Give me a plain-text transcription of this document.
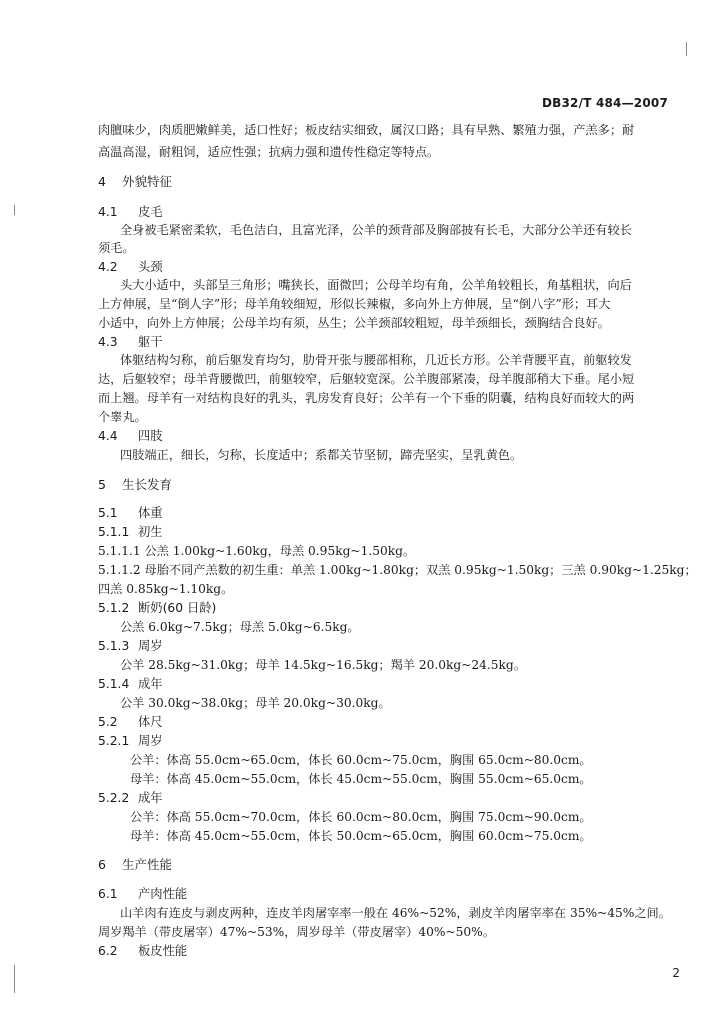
DB32/T 484—2007
肉膻味少，肉质肥嫩鲜美，适口性好；板皮结实细致，属汉口路；具有早熟、繁殖力强，产羔多；耐
高温高湿，耐粗饲，适应性强；抗病力强和遗传性稳定等特点。
4 外貌特征
4.1 皮毛
全身被毛紧密柔软，毛色洁白，且富光泽，公羊的颈背部及胸部披有长毛，大部分公羊还有较长
须毛。
4.2 头颈
头大小适中，头部呈三角形；嘴狭长，面微凹；公母羊均有角，公羊角较粗长，角基粗状，向后
上方伸展，呈“倒人字”形；母羊角较细短，形似长辣椒，多向外上方伸展，呈“倒八字”形；耳大
小适中，向外上方伸展；公母羊均有须，丛生；公羊颈部较粗短，母羊颈细长，颈胸结合良好。
4.3 躯干
体躯结构匀称，前后躯发育均匀，肋骨开张与腰部相称，几近长方形。公羊背腰平直，前躯较发
达，后躯较窄；母羊背腰微凹，前躯较窄，后躯较宽深。公羊腹部紧凑，母羊腹部稍大下垂。尾小短
而上翘。母羊有一对结构良好的乳头，乳房发育良好；公羊有一个下垂的阴囊，结构良好而较大的两
个睾丸。
4.4 四肢
四肢端正，细长，匀称，长度适中；系都关节坚韧，蹄壳坚实，呈乳黄色。
5 生长发育
5.1 体重
5.1.1 初生
5.1.1.1 公羔 1.00kg~1.60kg，母羔 0.95kg~1.50kg。
5.1.1.2 母胎不同产羔数的初生重：单羔 1.00kg~1.80kg；双羔 0.95kg~1.50kg；三羔 0.90kg~1.25kg；
四羔 0.85kg~1.10kg。
5.1.2 断奶(60 日龄)
公羔 6.0kg~7.5kg；母羔 5.0kg~6.5kg。
5.1.3 周岁
公羊 28.5kg~31.0kg；母羊 14.5kg~16.5kg；羯羊 20.0kg~24.5kg。
5.1.4 成年
公羊 30.0kg~38.0kg；母羊 20.0kg~30.0kg。
5.2 体尺
5.2.1 周岁
公羊：体高 55.0cm~65.0cm，体长 60.0cm~75.0cm，胸围 65.0cm~80.0cm。
母羊：体高 45.0cm~55.0cm，体长 45.0cm~55.0cm，胸围 55.0cm~65.0cm。
5.2.2 成年
公羊：体高 55.0cm~70.0cm，体长 60.0cm~80.0cm，胸围 75.0cm~90.0cm。
母羊：体高 45.0cm~55.0cm，体长 50.0cm~65.0cm，胸围 60.0cm~75.0cm。
6 生产性能
6.1 产肉性能
山羊肉有连皮与剥皮两种，连皮羊肉屠宰率一般在 46%~52%，剥皮羊肉屠宰率在 35%~45%之间。
周岁羯羊（带皮屠宰）47%~53%，周岁母羊（带皮屠宰）40%~50%。
6.2 板皮性能
2
